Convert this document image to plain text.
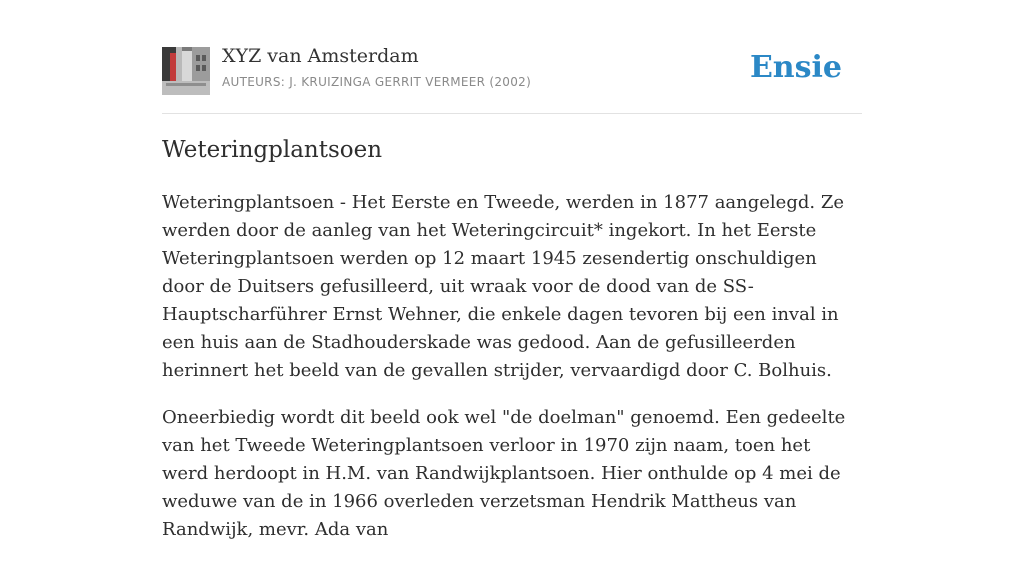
XYZ van Amsterdam
AUTEURS: J. KRUIZINGA GERRIT VERMEER (2002)	Ensie
Weteringplantsoen

Weteringplantsoen - Het Eerste en Tweede, werden in 1877 aangelegd. Ze werden door de aanleg van het Weteringcircuit* ingekort. In het Eerste Weteringplantsoen werden op 12 maart 1945 zesendertig onschuldigen door de Duitsers gefusilleerd, uit wraak voor de dood van de SS-Hauptscharführer Ernst Wehner, die enkele dagen tevoren bij een inval in een huis aan de Stadhouderskade was gedood. Aan de gefusilleerden herinnert het beeld van de gevallen strijder, vervaardigd door C. Bolhuis.

Oneerbiedig wordt dit beeld ook wel "de doelman" genoemd. Een gedeelte van het Tweede Weteringplantsoen verloor in 1970 zijn naam, toen het werd herdoopt in H.M. van Randwijkplantsoen. Hier onthulde op 4 mei de weduwe van de in 1966 overleden verzetsman Hendrik Mattheus van Randwijk, mevr. Ada van
